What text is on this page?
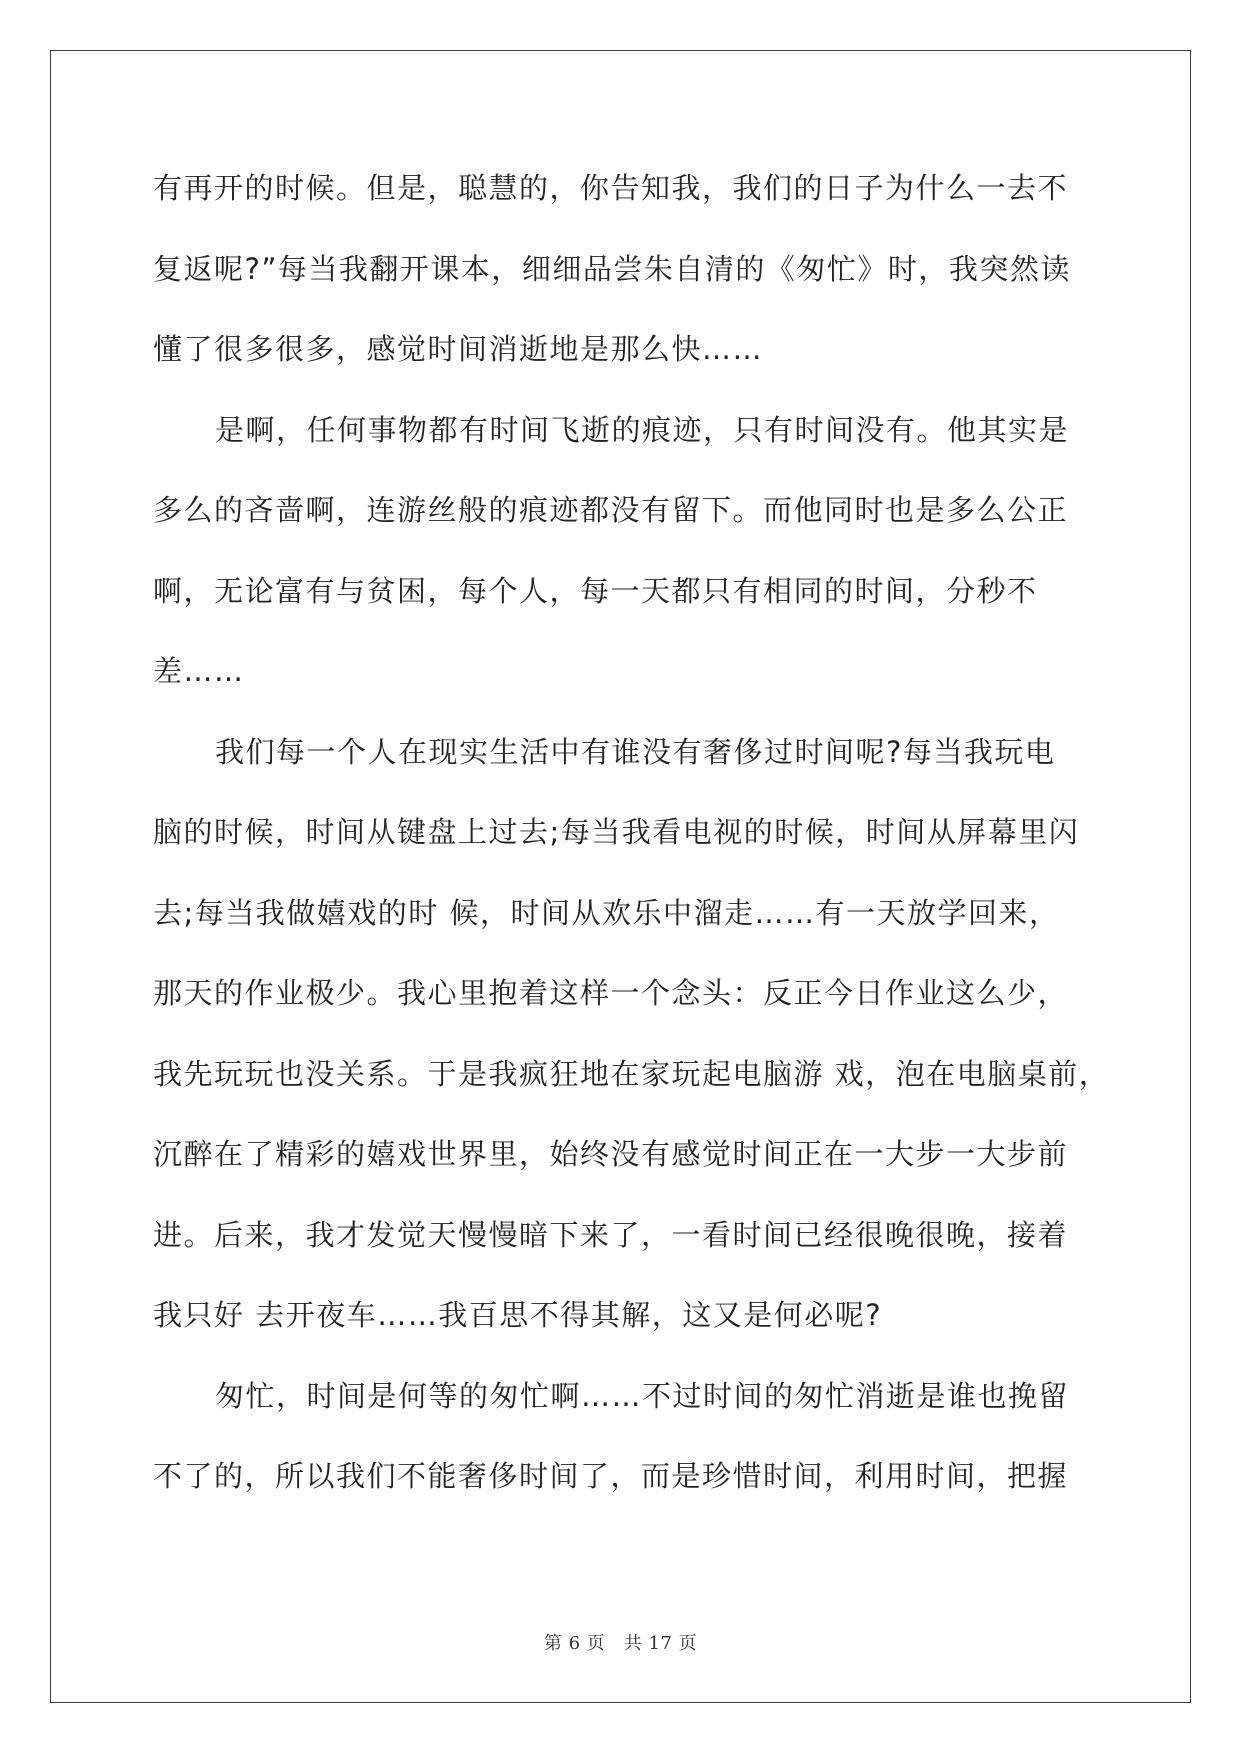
有再开的时候。但是，聪慧的，你告知我，我们的日子为什么一去不
复返呢?”每当我翻开课本，细细品尝朱自清的《匆忙》时，我突然读
懂了很多很多，感觉时间消逝地是那么快……
是啊，任何事物都有时间飞逝的痕迹，只有时间没有。他其实是
多么的吝啬啊，连游丝般的痕迹都没有留下。而他同时也是多么公正
啊，无论富有与贫困，每个人，每一天都只有相同的时间，分秒不
差……
我们每一个人在现实生活中有谁没有奢侈过时间呢?每当我玩电
脑的时候，时间从键盘上过去;每当我看电视的时候，时间从屏幕里闪
去;每当我做嬉戏的时 候，时间从欢乐中溜走……有一天放学回来，
那天的作业极少。我心里抱着这样一个念头：反正今日作业这么少，
我先玩玩也没关系。于是我疯狂地在家玩起电脑游 戏，泡在电脑桌前，
沉醉在了精彩的嬉戏世界里，始终没有感觉时间正在一大步一大步前
进。后来，我才发觉天慢慢暗下来了，一看时间已经很晚很晚，接着
我只好 去开夜车……我百思不得其解，这又是何必呢?
匆忙，时间是何等的匆忙啊……不过时间的匆忙消逝是谁也挽留
不了的，所以我们不能奢侈时间了，而是珍惜时间，利用时间，把握
第 6 页　共 17 页
